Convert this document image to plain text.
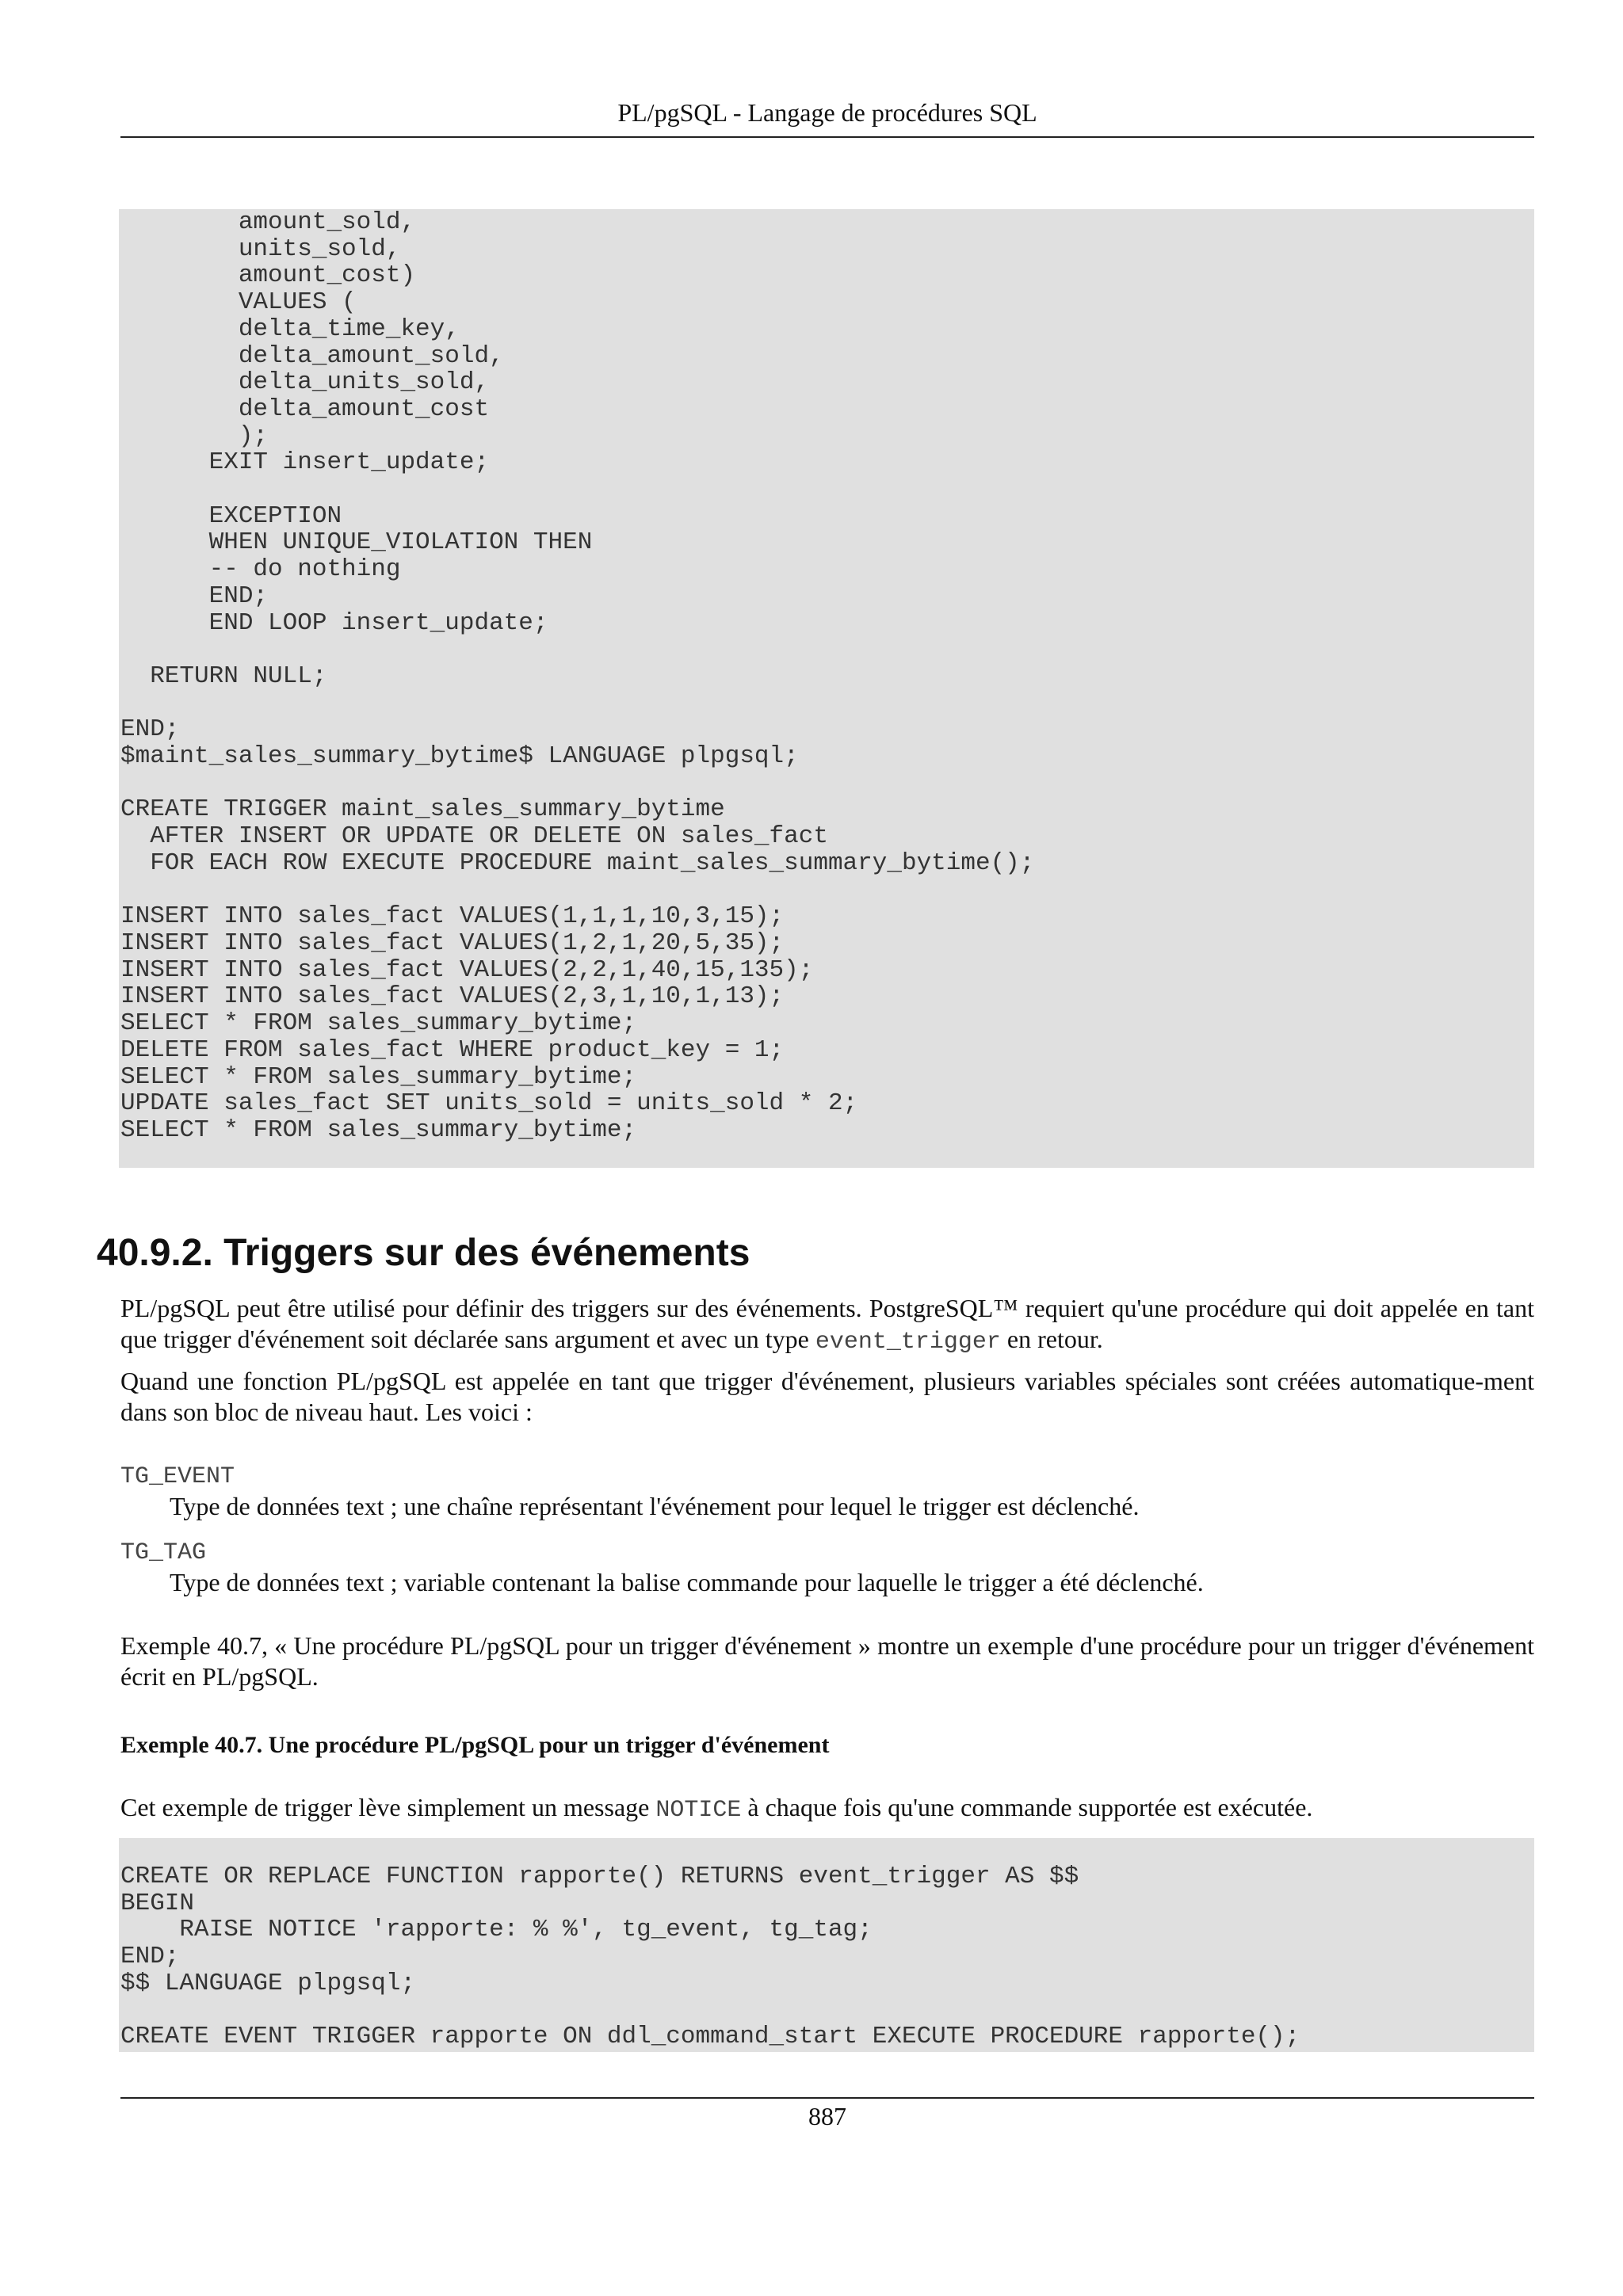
PL/pgSQL - Langage de procédures SQL
amount_sold,
units_sold,
amount_cost)
VALUES (
delta_time_key,
delta_amount_sold,
delta_units_sold,
delta_amount_cost
);
EXIT insert_update;

EXCEPTION
WHEN UNIQUE_VIOLATION THEN
-- do nothing
END;
END LOOP insert_update;

RETURN NULL;

END;
$maint_sales_summary_bytime$ LANGUAGE plpgsql;

CREATE TRIGGER maint_sales_summary_bytime
AFTER INSERT OR UPDATE OR DELETE ON sales_fact
FOR EACH ROW EXECUTE PROCEDURE maint_sales_summary_bytime();

INSERT INTO sales_fact VALUES(1,1,1,10,3,15);
INSERT INTO sales_fact VALUES(1,2,1,20,5,35);
INSERT INTO sales_fact VALUES(2,2,1,40,15,135);
INSERT INTO sales_fact VALUES(2,3,1,10,1,13);
SELECT * FROM sales_summary_bytime;
DELETE FROM sales_fact WHERE product_key = 1;
SELECT * FROM sales_summary_bytime;
UPDATE sales_fact SET units_sold = units_sold * 2;
SELECT * FROM sales_summary_bytime;
40.9.2. Triggers sur des événements

PL/pgSQL peut être utilisé pour définir des triggers sur des événements. PostgreSQL™ requiert qu'une procédure qui doit appelée en tant que trigger d'événement soit déclarée sans argument et avec un type event_trigger en retour.

Quand une fonction PL/pgSQL est appelée en tant que trigger d'événement, plusieurs variables spéciales sont créées automatique-ment dans son bloc de niveau haut. Les voici :

TG_EVENT
Type de données text ; une chaîne représentant l'événement pour lequel le trigger est déclenché.
TG_TAG
Type de données text ; variable contenant la balise commande pour laquelle le trigger a été déclenché.

Exemple 40.7, « Une procédure PL/pgSQL pour un trigger d'événement » montre un exemple d'une procédure pour un trigger d'événement écrit en PL/pgSQL.

Exemple 40.7. Une procédure PL/pgSQL pour un trigger d'événement

Cet exemple de trigger lève simplement un message NOTICE à chaque fois qu'une commande supportée est exécutée.

CREATE OR REPLACE FUNCTION rapporte() RETURNS event_trigger AS $$
BEGIN
RAISE NOTICE 'rapporte: % %', tg_event, tg_tag;
END;
$$ LANGUAGE plpgsql;

CREATE EVENT TRIGGER rapporte ON ddl_command_start EXECUTE PROCEDURE rapporte();
887
